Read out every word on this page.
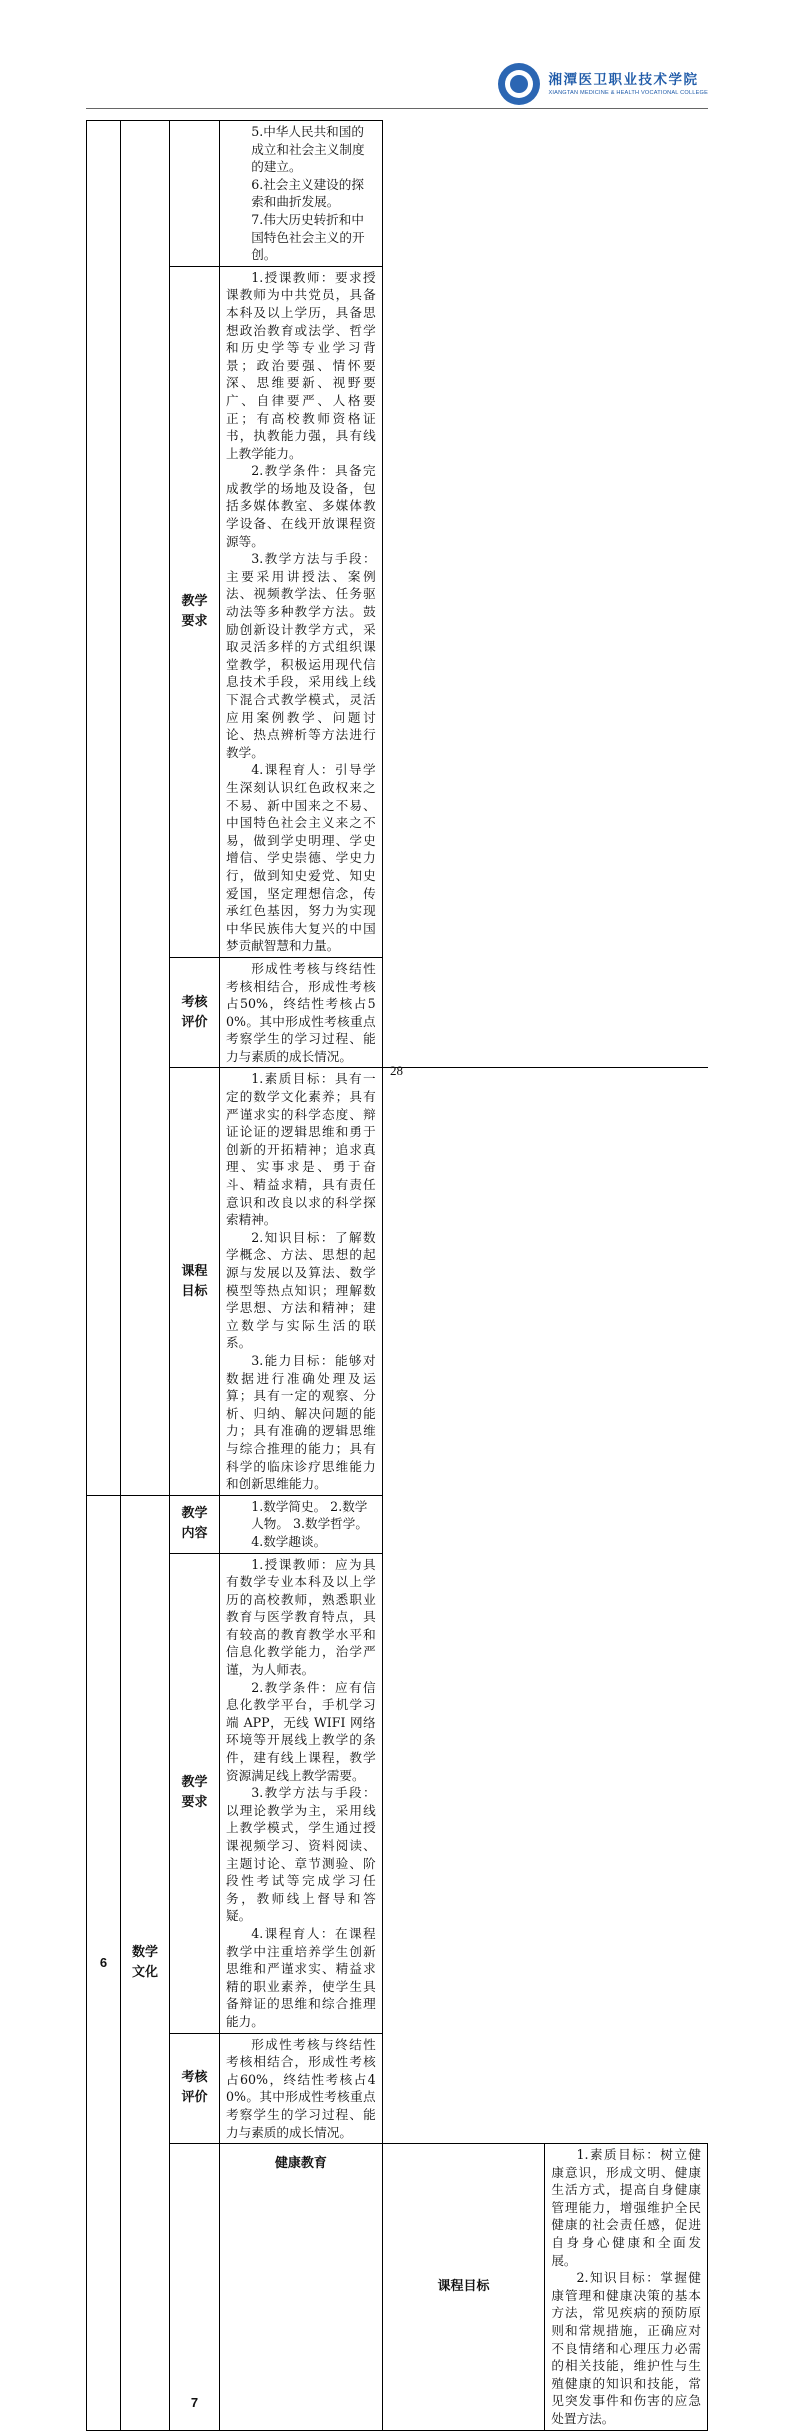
湘潭医卫职业技术学院
XIANGTAN MEDICINE & HEALTH VOCATIONAL COLLEGE

			5.中华人民共和国的成立和社会主义制度的建立。
6.社会主义建设的探索和曲折发展。
7.伟大历史转折和中国特色社会主义的开创。		

		教学要求	1.授课教师：要求授课教师为中共党员，具备本科及以上学历，具备思想政治教育或法学、哲学和历史学等专业学习背景；政治要强、情怀要深、思维要新、视野要广、自律要严、人格要正；有高校教师资格证书，执教能力强，具有线上教学能力。

2.教学条件：具备完成教学的场地及设备，包括多媒体教室、多媒体教学设备、在线开放课程资源等。

3.教学方法与手段：主要采用讲授法、案例法、视频教学法、任务驱动法等多种教学方法。鼓励创新设计教学方式，采取灵活多样的方式组织课堂教学，积极运用现代信息技术手段，采用线上线下混合式教学模式，灵活应用案例教学、问题讨论、热点辨析等方法进行教学。

4.课程育人：引导学生深刻认识红色政权来之不易、新中国来之不易、中国特色社会主义来之不易，做到学史明理、学史增信、学史崇德、学史力行，做到知史爱党、知史爱国，坚定理想信念，传承红色基因，努力为实现中华民族伟大复兴的中国梦贡献智慧和力量。		

		考核评价	形成性考核与终结性考核相结合，形成性考核占50%，终结性考核占50%。其中形成性考核重点考察学生的学习过程、能力与素质的成长情况。		

		课程目标	1.素质目标：具有一定的数学文化素养；具有严谨求实的科学态度、辩证论证的逻辑思维和勇于创新的开拓精神；追求真理、实事求是、勇于奋斗、精益求精，具有责任意识和改良以求的科学探索精神。

2.知识目标：了解数学概念、方法、思想的起源与发展以及算法、数学模型等热点知识；理解数学思想、方法和精神；建立数学与实际生活的联系。

3.能力目标：能够对数据进行准确处理及运算；具有一定的观察、分析、归纳、解决问题的能力；具有准确的逻辑思维与综合推理的能力；具有科学的临床诊疗思维能力和创新思维能力。		

6	数学文化	教学内容	1.数学简史。 2.数学人物。 3.数学哲学。 4.数学趣谈。		

		教学要求	1.授课教师：应为具有数学专业本科及以上学历的高校教师，熟悉职业教育与医学教育特点，具有较高的教育教学水平和信息化教学能力，治学严谨，为人师表。

2.教学条件：应有信息化教学平台，手机学习端 APP，无线 WIFI 网络环境等开展线上教学的条件，建有线上课程，教学资源满足线上教学需要。

3.教学方法与手段：以理论教学为主，采用线上教学模式，学生通过授课视频学习、资料阅读、主题讨论、章节测验、阶段性考试等完成学习任务，教师线上督导和答疑。

4.课程育人：在课程教学中注重培养学生创新思维和严谨求实、精益求精的职业素养，使学生具备辩证的思维和综合推理能力。		

		考核评价	形成性考核与终结性考核相结合，形成性考核占60%，终结性考核占40%。其中形成性考核重点考察学生的学习过程、能力与素质的成长情况。		

		7	健康教育	课程目标	1.素质目标：树立健康意识，形成文明、健康生活方式，提高自身健康管理能力，增强维护全民健康的社会责任感，促进自身身心健康和全面发展。

2.知识目标：掌握健康管理和健康决策的基本方法，常见疾病的预防原则和常规措施，正确应对不良情绪和心理压力必需的相关技能，维护性与生殖健康的知识和技能，常见突发事件和伤害的应急处置方法。

28
